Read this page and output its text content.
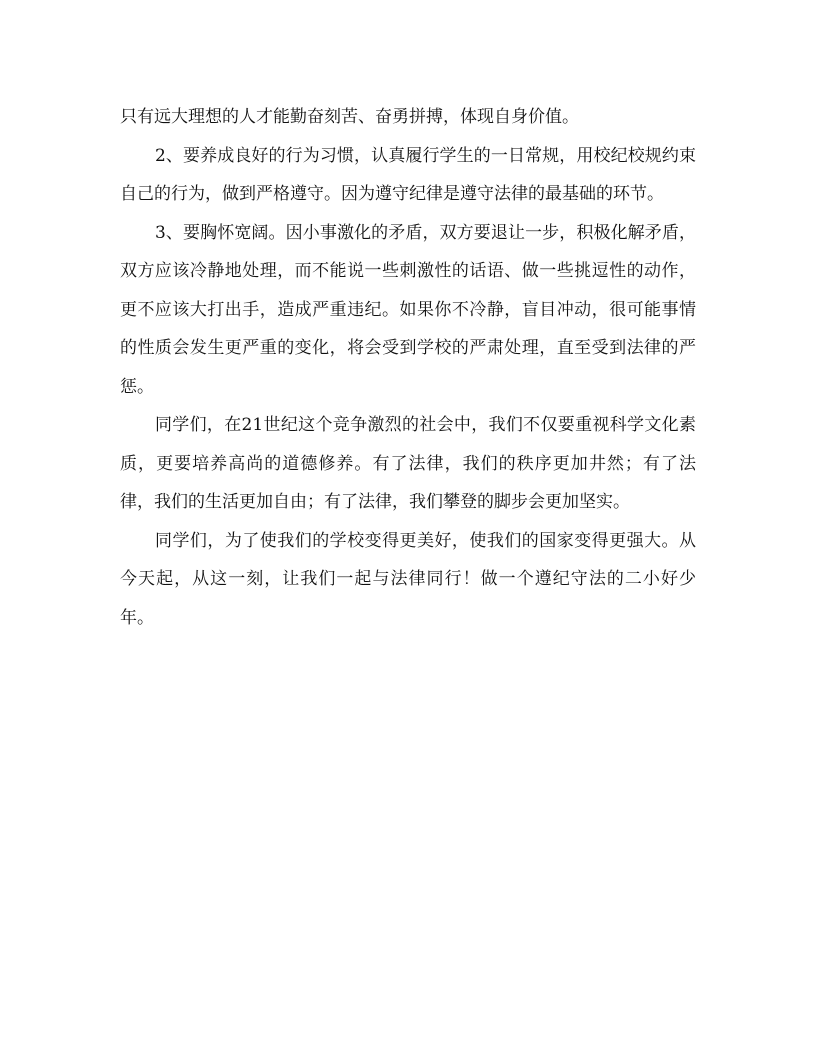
只有远大理想的人才能勤奋刻苦、奋勇拼搏，体现自身价值。

2、要养成良好的行为习惯，认真履行学生的一日常规，用校纪校规约束自己的行为，做到严格遵守。因为遵守纪律是遵守法律的最基础的环节。

3、要胸怀宽阔。因小事激化的矛盾，双方要退让一步，积极化解矛盾，双方应该冷静地处理，而不能说一些刺激性的话语、做一些挑逗性的动作，更不应该大打出手，造成严重违纪。如果你不冷静，盲目冲动，很可能事情的性质会发生更严重的变化，将会受到学校的严肃处理，直至受到法律的严惩。

同学们，在21世纪这个竞争激烈的社会中，我们不仅要重视科学文化素质，更要培养高尚的道德修养。有了法律，我们的秩序更加井然；有了法律，我们的生活更加自由；有了法律，我们攀登的脚步会更加坚实。

同学们，为了使我们的学校变得更美好，使我们的国家变得更强大。从今天起，从这一刻，让我们一起与法律同行！做一个遵纪守法的二小好少年。
